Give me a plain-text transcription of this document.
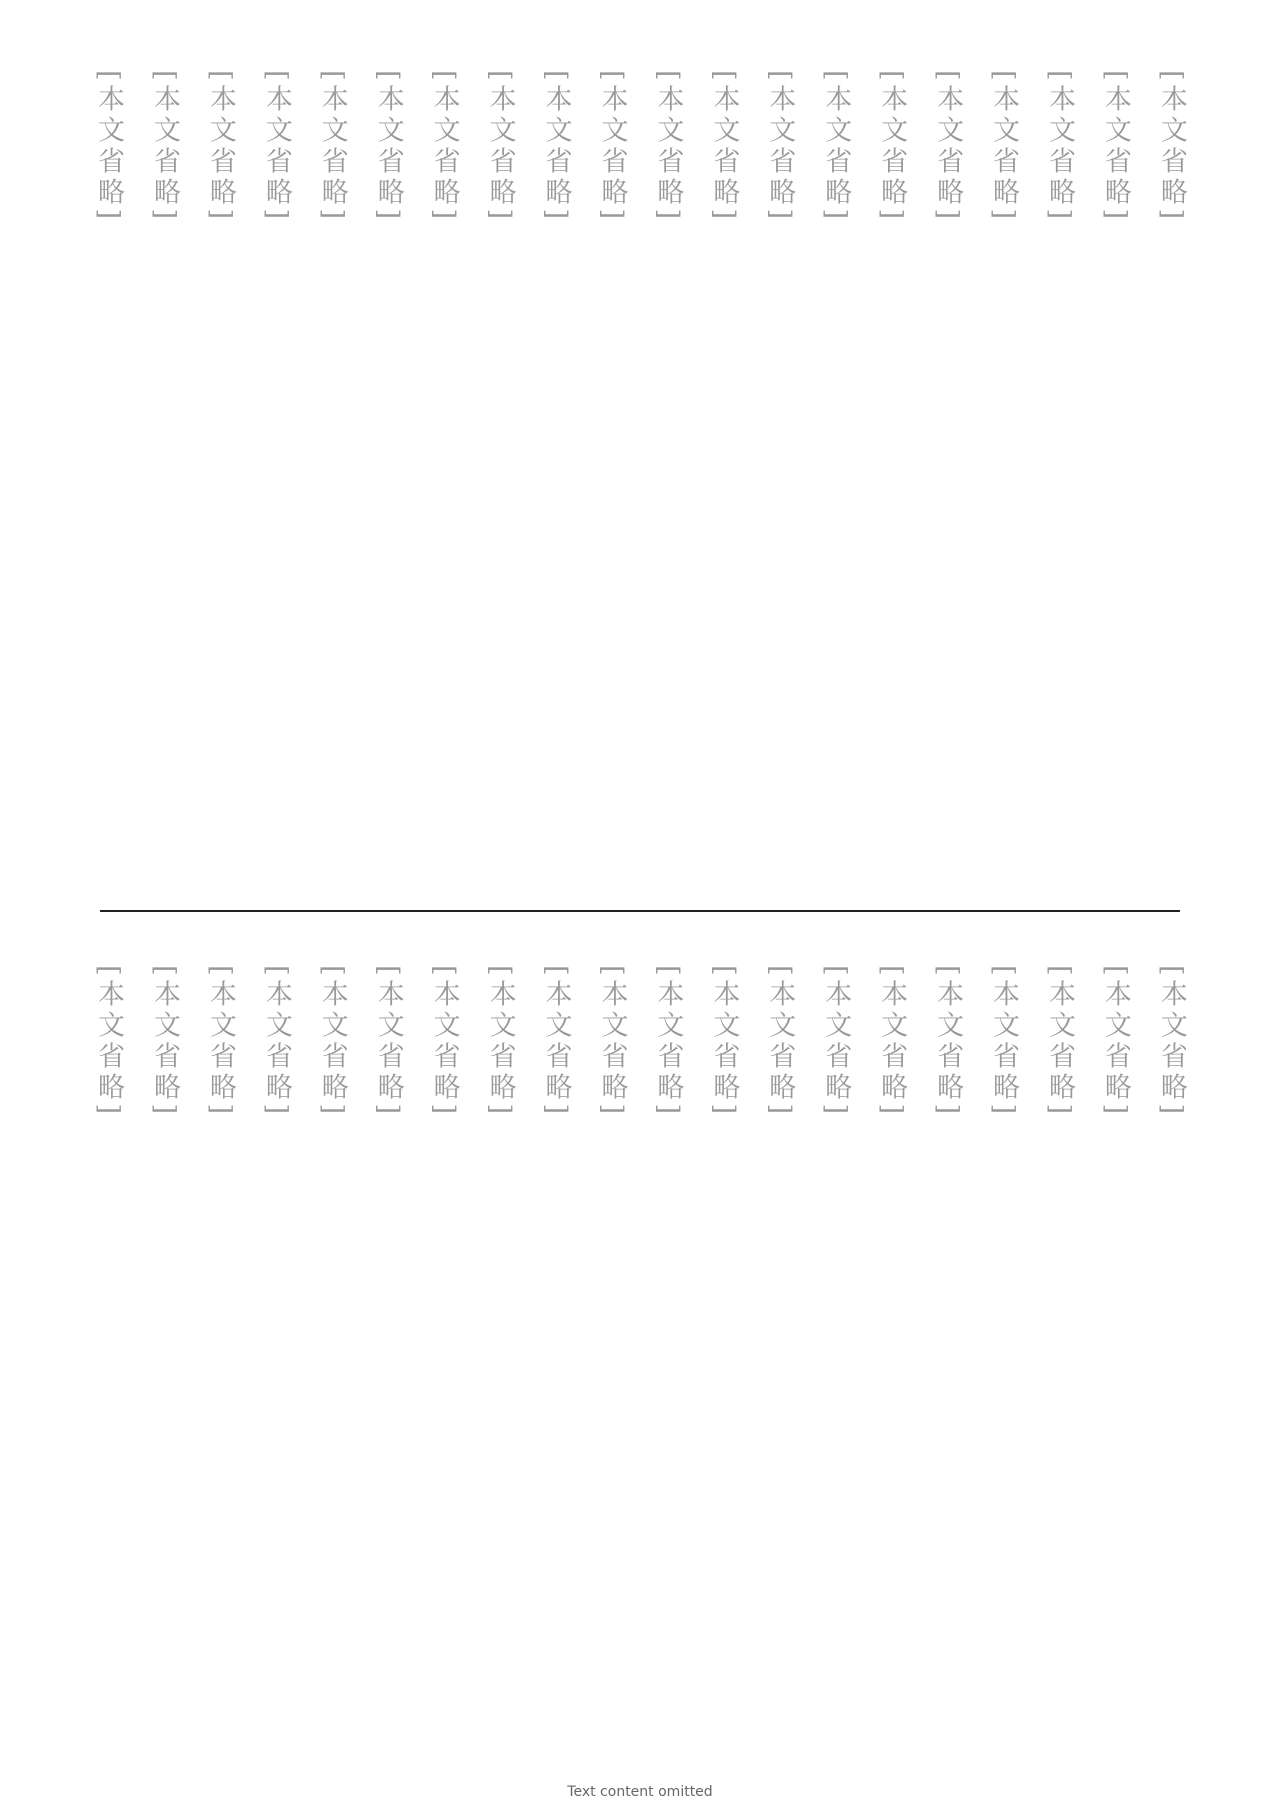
[本文省略]
[本文省略]
[本文省略]
[本文省略]
[本文省略]
[本文省略]
[本文省略]
[本文省略]
[本文省略]
[本文省略]
[本文省略]
[本文省略]
[本文省略]
[本文省略]
[本文省略]
[本文省略]
[本文省略]
[本文省略]
[本文省略]
[本文省略]
[本文省略]
[本文省略]
[本文省略]
[本文省略]
[本文省略]
[本文省略]
[本文省略]
[本文省略]
[本文省略]
[本文省略]
[本文省略]
[本文省略]
[本文省略]
[本文省略]
[本文省略]
[本文省略]
[本文省略]
[本文省略]
[本文省略]
[本文省略]
Text content omitted
